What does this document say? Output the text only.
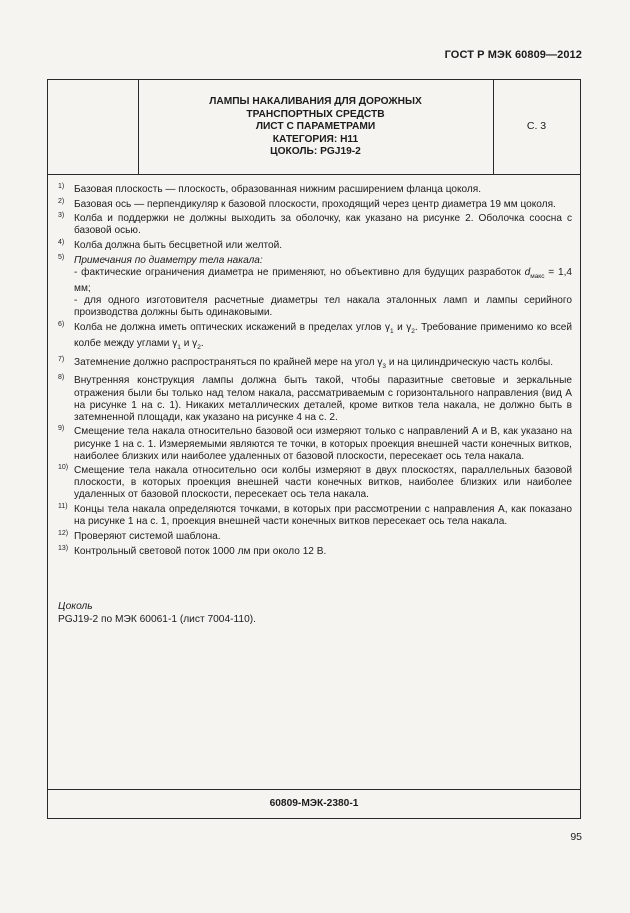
ГОСТ Р МЭК 60809—2012
ЛАМПЫ НАКАЛИВАНИЯ ДЛЯ ДОРОЖНЫХ
ТРАНСПОРТНЫХ СРЕДСТВ
ЛИСТ С ПАРАМЕТРАМИ
КАТЕГОРИЯ: H11
ЦОКОЛЬ: PGJ19-2
С. 3
1) Базовая плоскость — плоскость, образованная нижним расширением фланца цоколя.
2) Базовая ось — перпендикуляр к базовой плоскости, проходящий через центр диаметра 19 мм цоколя.
3) Колба и поддержки не должны выходить за оболочку, как указано на рисунке 2. Оболочка соосна с базовой осью.
4) Колба должна быть бесцветной или желтой.
5) Примечания по диаметру тела накала:
- фактические ограничения диаметра не применяют, но объективно для будущих разработок $d_{макс} = 1,4$ мм;
- для одного изготовителя расчетные диаметры тел накала эталонных ламп и лампы серийного производства должны быть одинаковыми.
6) Колба не должна иметь оптических искажений в пределах углов $\gamma_1$ и $\gamma_2$. Требование применимо ко всей колбе между углами $\gamma_1$ и $\gamma_2$.
7) Затемнение должно распространяться по крайней мере на угол $\gamma_3$ и на цилиндрическую часть колбы.
8) Внутренняя конструкция лампы должна быть такой, чтобы паразитные световые и зеркальные отражения были бы только над телом накала, рассматриваемым с горизонтального направления (вид А на рисунке 1 на с. 1). Никаких металлических деталей, кроме витков тела накала, не должно быть в затемненной площади, как указано на рисунке 4 на с. 2.
9) Смещение тела накала относительно базовой оси измеряют только с направлений А и В, как указано на рисунке 1 на с. 1. Измеряемыми являются те точки, в которых проекция внешней части конечных витков, наиболее близких или наиболее удаленных от базовой плоскости, пересекает ось тела накала.
10) Смещение тела накала относительно оси колбы измеряют в двух плоскостях, параллельных базовой плоскости, в которых проекция внешней части конечных витков, наиболее близких или наиболее удаленных от базовой плоскости, пересекает ось тела накала.
11) Концы тела накала определяются точками, в которых при рассмотрении с направления А, как показано на рисунке 1 на с. 1, проекция внешней части конечных витков пересекает ось тела накала.
12) Проверяют системой шаблона.
13) Контрольный световой поток 1000 лм при около 12 В.
Цоколь
PGJ19-2 по МЭК 60061-1 (лист 7004-110).
60809-МЭК-2380-1
95
